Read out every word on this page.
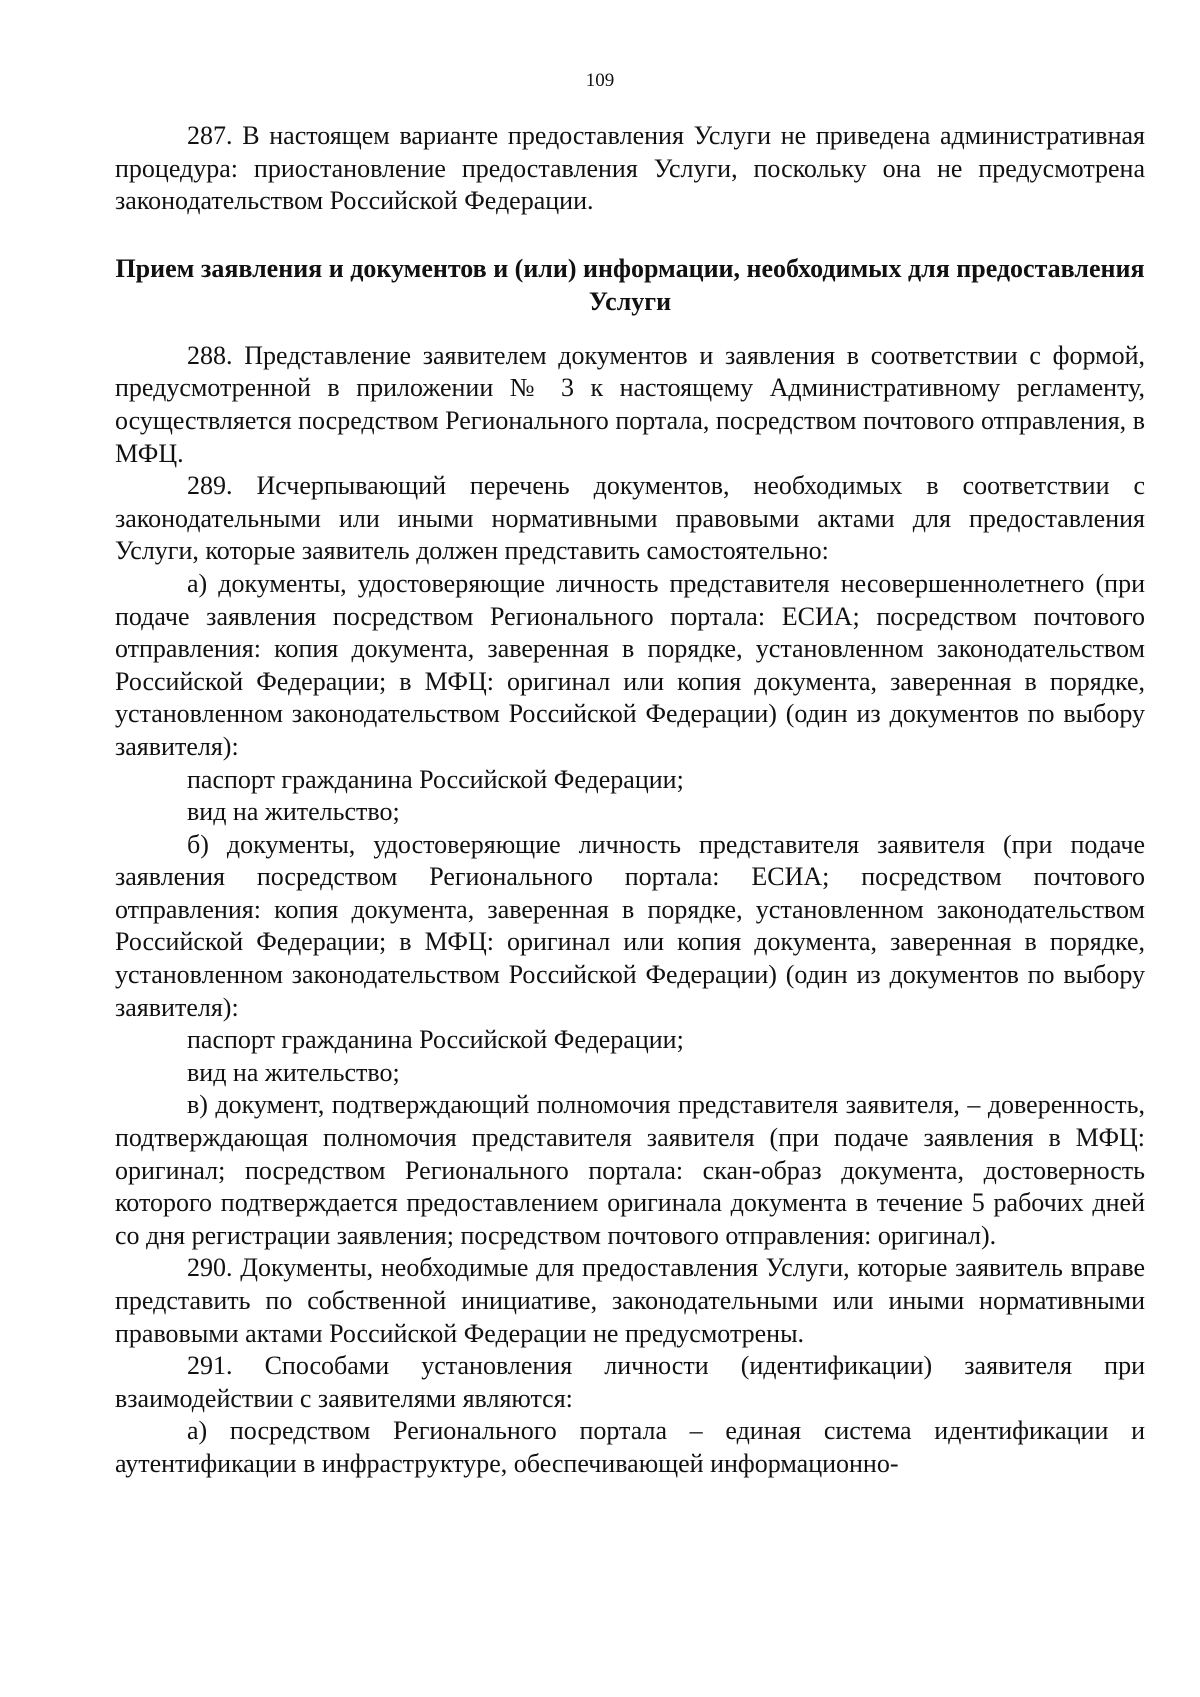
109

287. В настоящем варианте предоставления Услуги не приведена административная процедура: приостановление предоставления Услуги, поскольку она не предусмотрена законодательством Российской Федерации.

Прием заявления и документов и (или) информации, необходимых для предоставления Услуги

288. Представление заявителем документов и заявления в соответствии с формой, предусмотренной в приложении № 3 к настоящему Административному регламенту, осуществляется посредством Регионального портала, посредством почтового отправления, в МФЦ.

289. Исчерпывающий перечень документов, необходимых в соответствии с законодательными или иными нормативными правовыми актами для предоставления Услуги, которые заявитель должен представить самостоятельно:

а) документы, удостоверяющие личность представителя несовершеннолетнего (при подаче заявления посредством Регионального портала: ЕСИА; посредством почтового отправления: копия документа, заверенная в порядке, установленном законодательством Российской Федерации; в МФЦ: оригинал или копия документа, заверенная в порядке, установленном законодательством Российской Федерации) (один из документов по выбору заявителя):

паспорт гражданина Российской Федерации;

вид на жительство;

б) документы, удостоверяющие личность представителя заявителя (при подаче заявления посредством Регионального портала: ЕСИА; посредством почтового отправления: копия документа, заверенная в порядке, установленном законодательством Российской Федерации; в МФЦ: оригинал или копия документа, заверенная в порядке, установленном законодательством Российской Федерации) (один из документов по выбору заявителя):

паспорт гражданина Российской Федерации;

вид на жительство;

в) документ, подтверждающий полномочия представителя заявителя, – доверенность, подтверждающая полномочия представителя заявителя (при подаче заявления в МФЦ: оригинал; посредством Регионального портала: скан-образ документа, достоверность которого подтверждается предоставлением оригинала документа в течение 5 рабочих дней со дня регистрации заявления; посредством почтового отправления: оригинал).

290. Документы, необходимые для предоставления Услуги, которые заявитель вправе представить по собственной инициативе, законодательными или иными нормативными правовыми актами Российской Федерации не предусмотрены.

291. Способами установления личности (идентификации) заявителя при взаимодействии с заявителями являются:

а) посредством Регионального портала – единая система идентификации и аутентификации в инфраструктуре, обеспечивающей информационно-
